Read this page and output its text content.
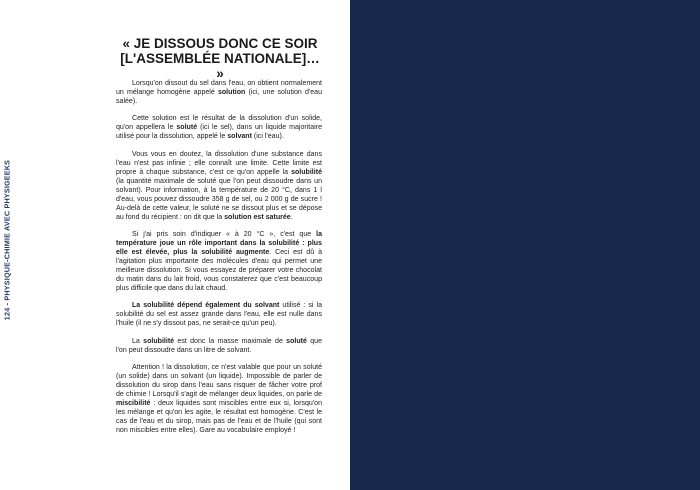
124 - PHYSIQUE-CHIMIE AVEC PHYSIGEEKS
« JE DISSOUS DONC CE SOIR
[L'ASSEMBLÉE NATIONALE]… »

Lorsqu'on dissout du sel dans l'eau, on obtient normalement un mélange homogène appelé solution (ici, une solution d'eau salée).

Cette solution est le résultat de la dissolution d'un solide, qu'on appellera le soluté (ici le sel), dans un liquide majoritaire utilisé pour la dissolution, appelé le solvant (ici l'eau).

Vous vous en doutez, la dissolution d'une substance dans l'eau n'est pas infinie ; elle connaît une limite. Cette limite est propre à chaque substance, c'est ce qu'on appelle la solubilité (la quantité maximale de soluté que l'on peut dissoudre dans un solvant). Pour information, à la température de 20 °C, dans 1 l d'eau, vous pouvez dissoudre 358 g de sel, ou 2 000 g de sucre ! Au-delà de cette valeur, le soluté ne se dissout plus et se dépose au fond du récipient : on dit que la solution est saturée.

Si j'ai pris soin d'indiquer « à 20 °C », c'est que la température joue un rôle important dans la solubilité : plus elle est élevée, plus la solubilité augmente. Ceci est dû à l'agitation plus importante des molécules d'eau qui permet une meilleure dissolution. Si vous essayez de préparer votre chocolat du matin dans du lait froid, vous constaterez que c'est beaucoup plus difficile que dans du lait chaud.

La solubilité dépend également du solvant utilisé : si la solubilité du sel est assez grande dans l'eau, elle est nulle dans l'huile (il ne s'y dissout pas, ne serait-ce qu'un peu).

La solubilité est donc la masse maximale de soluté que l'on peut dissoudre dans un litre de solvant.

Attention ! la dissolution, ce n'est valable que pour un soluté (un solide) dans un solvant (un liquide). Impossible de parler de dissolution du sirop dans l'eau sans risquer de fâcher votre prof de chimie ! Lorsqu'il s'agit de mélanger deux liquides, on parle de miscibilité : deux liquides sont miscibles entre eux si, lorsqu'on les mélange et qu'on les agite, le résultat est homogène. C'est le cas de l'eau et du sirop, mais pas de l'eau et de l'huile (qui sont non miscibles entre elles). Gare au vocabulaire employé !
